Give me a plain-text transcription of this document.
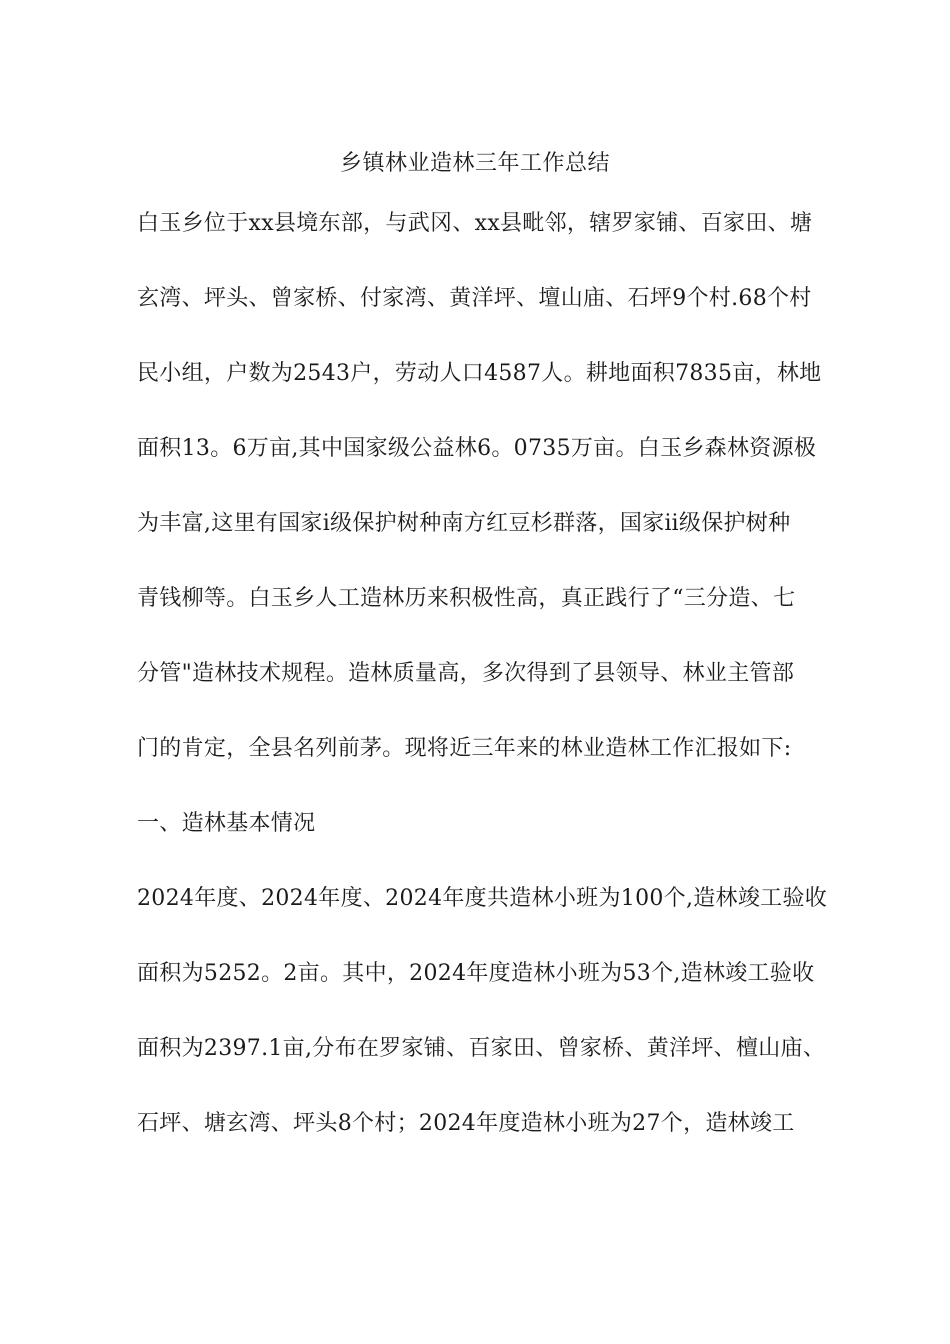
乡镇林业造林三年工作总结
白玉乡位于xx县境东部，与武冈、xx县毗邻，辖罗家铺、百家田、塘
玄湾、坪头、曾家桥、付家湾、黄洋坪、壇山庙、石坪9个村.68个村
民小组，户数为2543户，劳动人口4587人。耕地面积7835亩，林地
面积13。6万亩,其中国家级公益林6。0735万亩。白玉乡森林资源极
为丰富,这里有国家ⅰ级保护树种南方红豆杉群落，国家ⅱ级保护树种
青钱柳等。白玉乡人工造林历来积极性高，真正践行了“三分造、七
分管"造林技术规程。造林质量高，多次得到了县领导、林业主管部
门的肯定，全县名列前茅。现将近三年来的林业造林工作汇报如下:
一、造林基本情况
2024年度、2024年度、2024年度共造林小班为100个,造林竣工验收
面积为5252。2亩。其中，2024年度造林小班为53个,造林竣工验收
面积为2397.1亩,分布在罗家铺、百家田、曾家桥、黄洋坪、檀山庙、
石坪、塘玄湾、坪头8个村；2024年度造林小班为27个，造林竣工
